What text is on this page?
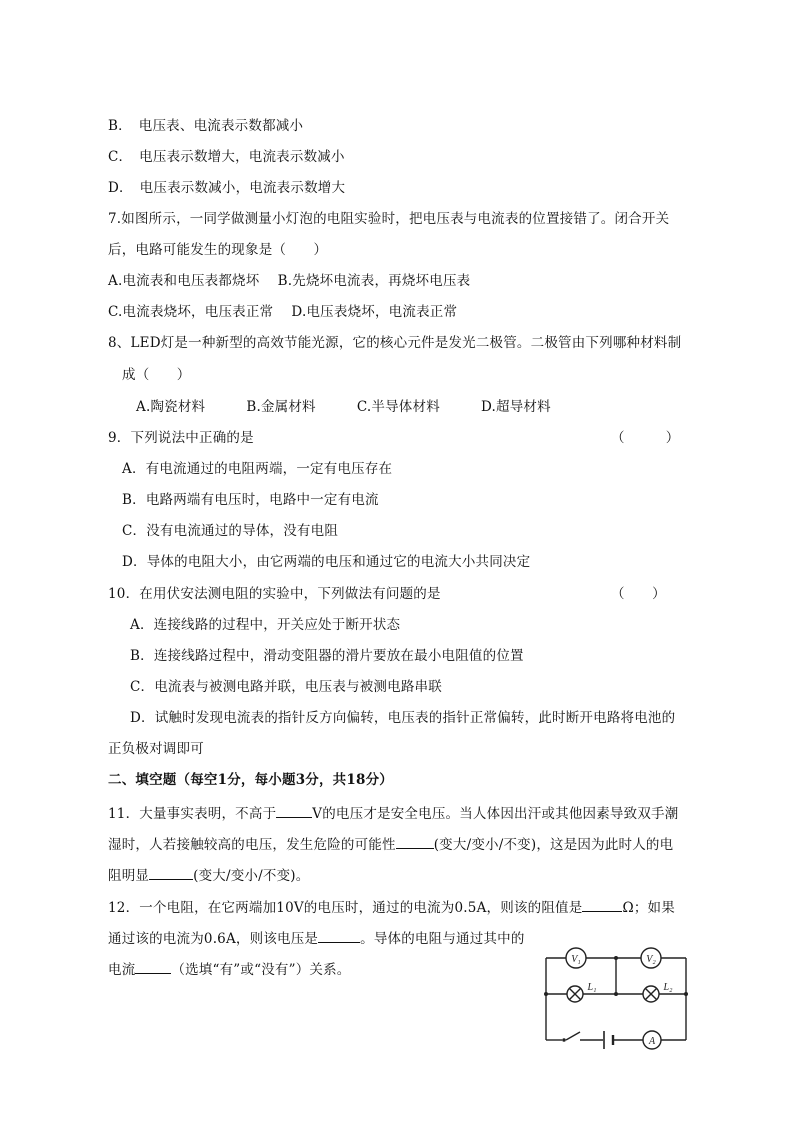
B．　电压表、电流表示数都减小
C．　电压表示数增大，电流表示数减小
D．　电压表示数减小，电流表示数增大
7.如图所示，一同学做测量小灯泡的电阻实验时，把电压表与电流表的位置接错了。闭合开关
后，电路可能发生的现象是（　　）
A.电流表和电压表都烧坏　 B.先烧坏电流表，再烧坏电压表
C.电流表烧坏，电压表正常　 D.电压表烧坏，电流表正常
8、LED灯是一种新型的高效节能光源，它的核心元件是发光二极管。二极管由下列哪种材料制
成（　　）
A.陶瓷材料　　　B.金属材料　　　C.半导体材料　　　D.超导材料
9．下列说法中正确的是	（　　　）
A．有电流通过的电阻两端，一定有电压存在
B．电路两端有电压时，电路中一定有电流
C．没有电流通过的导体，没有电阻
D．导体的电阻大小，由它两端的电压和通过它的电流大小共同决定
10．在用伏安法测电阻的实验中，下列做法有问题的是	（　　）
A．连接线路的过程中，开关应处于断开状态
B．连接线路过程中，滑动变阻器的滑片要放在最小电阻值的位置
C．电流表与被测电路并联，电压表与被测电路串联
D．试触时发现电流表的指针反方向偏转，电压表的指针正常偏转，此时断开电路将电池的
正负极对调即可
二、填空题（每空1分，每小题3分，共18分）
11．大量事实表明，不高于	V的电压才是安全电压。当人体因出汗或其他因素导致双手潮
湿时，人若接触较高的电压，发生危险的可能性	(变大/变小/不变)，这是因为此时人的电
阻明显	(变大/变小/不变)。
12．一个电阻，在它两端加10V的电压时，通过的电流为0.5A，则该的阻值是	Ω；如果
通过该的电流为0.6A，则该电压是	。导体的电阻与通过其中的
电流	（选填“有”或“没有”）关系。
V₁	V₂
L₁	L₂
A
